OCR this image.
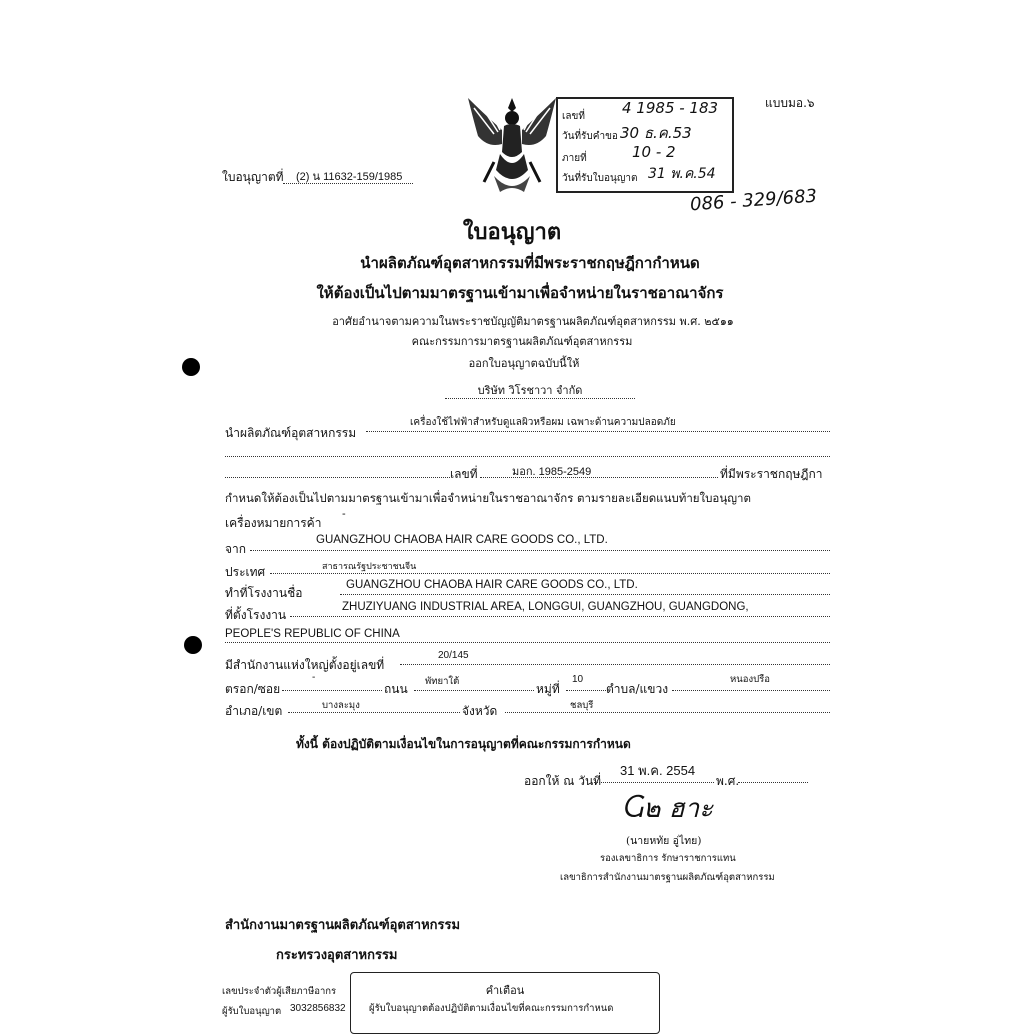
แบบมอ.๖
เลขที่ 4 1985 - 183
วันที่รับคำขอ 30 ธ.ค.53
ภายที่	10 - 2
วันที่รับใบอนุญาต 31 พ.ค.54
086 - 329/683
ใบอนุญาตที่ (2) น 11632-159/1985
ใบอนุญาต
นำผลิตภัณฑ์อุตสาหกรรมที่มีพระราชกฤษฎีกากำหนด
ให้ต้องเป็นไปตามมาตรฐานเข้ามาเพื่อจำหน่ายในราชอาณาจักร
อาศัยอำนาจตามความในพระราชบัญญัติมาตรฐานผลิตภัณฑ์อุตสาหกรรม พ.ศ. ๒๕๑๑
คณะกรรมการมาตรฐานผลิตภัณฑ์อุตสาหกรรม
ออกใบอนุญาตฉบับนี้ให้
บริษัท วิโรชาวา จำกัด
นำผลิตภัณฑ์อุตสาหกรรม
เครื่องใช้ไฟฟ้าสำหรับดูแลผิวหรือผม เฉพาะด้านความปลอดภัย
เลขที่	มอก. 1985-2549	ที่มีพระราชกฤษฎีกา
กำหนดให้ต้องเป็นไปตามมาตรฐานเข้ามาเพื่อจำหน่ายในราชอาณาจักร ตามรายละเอียดแนบท้ายใบอนุญาต
เครื่องหมายการค้า
-
จาก
GUANGZHOU CHAOBA HAIR CARE GOODS CO., LTD.
ประเทศ	สาธารณรัฐประชาชนจีน
ทำที่โรงงานชื่อ
GUANGZHOU CHAOBA HAIR CARE GOODS CO., LTD.
ที่ตั้งโรงงาน
ZHUZIYUANG INDUSTRIAL AREA, LONGGUI, GUANGZHOU, GUANGDONG,
PEOPLE'S REPUBLIC OF CHINA
มีสำนักงานแห่งใหญ่ตั้งอยู่เลขที่
20/145
ตรอก/ซอย
-
ถนน
พัทยาใต้
หมู่ที่
10
ตำบล/แขวง
หนองปรือ
อำเภอ/เขต	บางละมุง	จังหวัด	ชลบุรี
ทั้งนี้ ต้องปฏิบัติตามเงื่อนไขในการอนุญาตที่คณะกรรมการกำหนด
ออกให้ ณ วันที่
31 พ.ค. 2554
พ.ศ.
Ⴚ๒ ฮาะ
(นายหทัย อู่ไทย)
รองเลขาธิการ รักษาราชการแทน
เลขาธิการสำนักงานมาตรฐานผลิตภัณฑ์อุตสาหกรรม
สำนักงานมาตรฐานผลิตภัณฑ์อุตสาหกรรม
กระทรวงอุตสาหกรรม
เลขประจำตัวผู้เสียภาษีอากร
ผู้รับใบอนุญาต 3032856832
คำเตือน
ผู้รับใบอนุญาตต้องปฏิบัติตามเงื่อนไขที่คณะกรรมการกำหนด
